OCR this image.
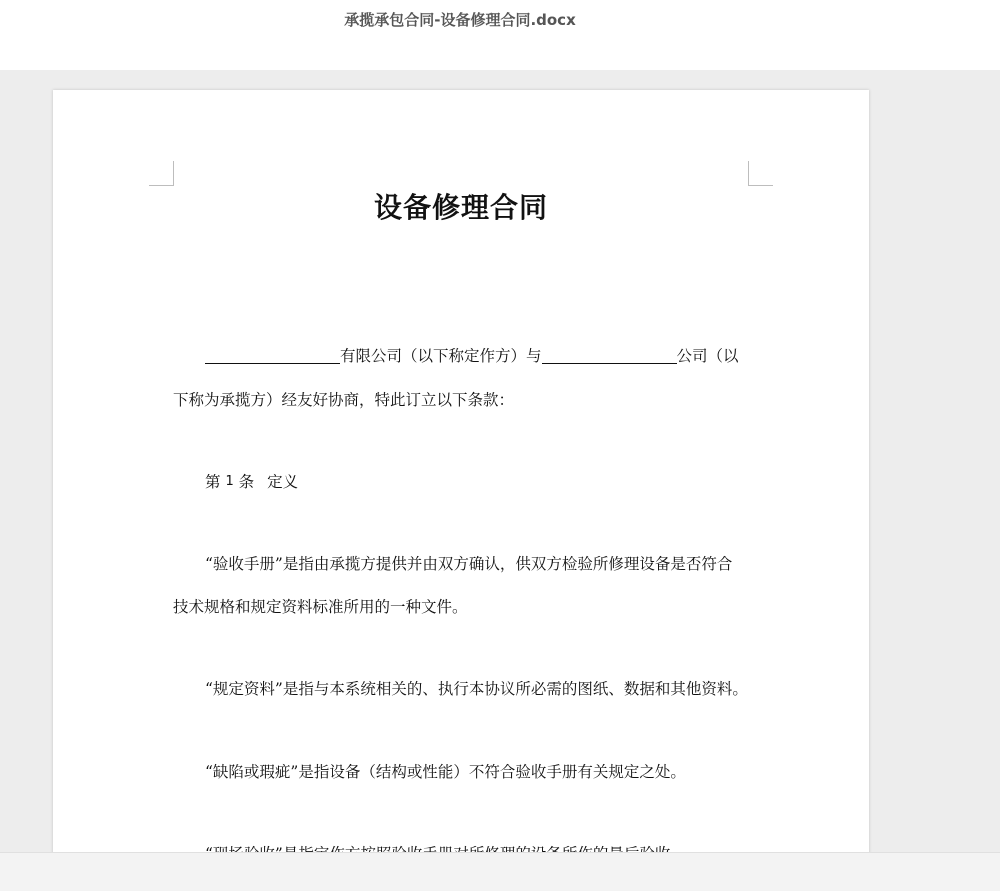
承揽承包合同-设备修理合同.docx
设备修理合同
有限公司（以下称定作方）与	公司（以
下称为承揽方）经友好协商，特此订立以下条款：
第 1 条 定义
“验收手册”是指由承揽方提供并由双方确认，供双方检验所修理设备是否符合
技术规格和规定资料标准所用的一种文件。
“规定资料”是指与本系统相关的、执行本协议所必需的图纸、数据和其他资料。
“缺陷或瑕疵”是指设备（结构或性能）不符合验收手册有关规定之处。
